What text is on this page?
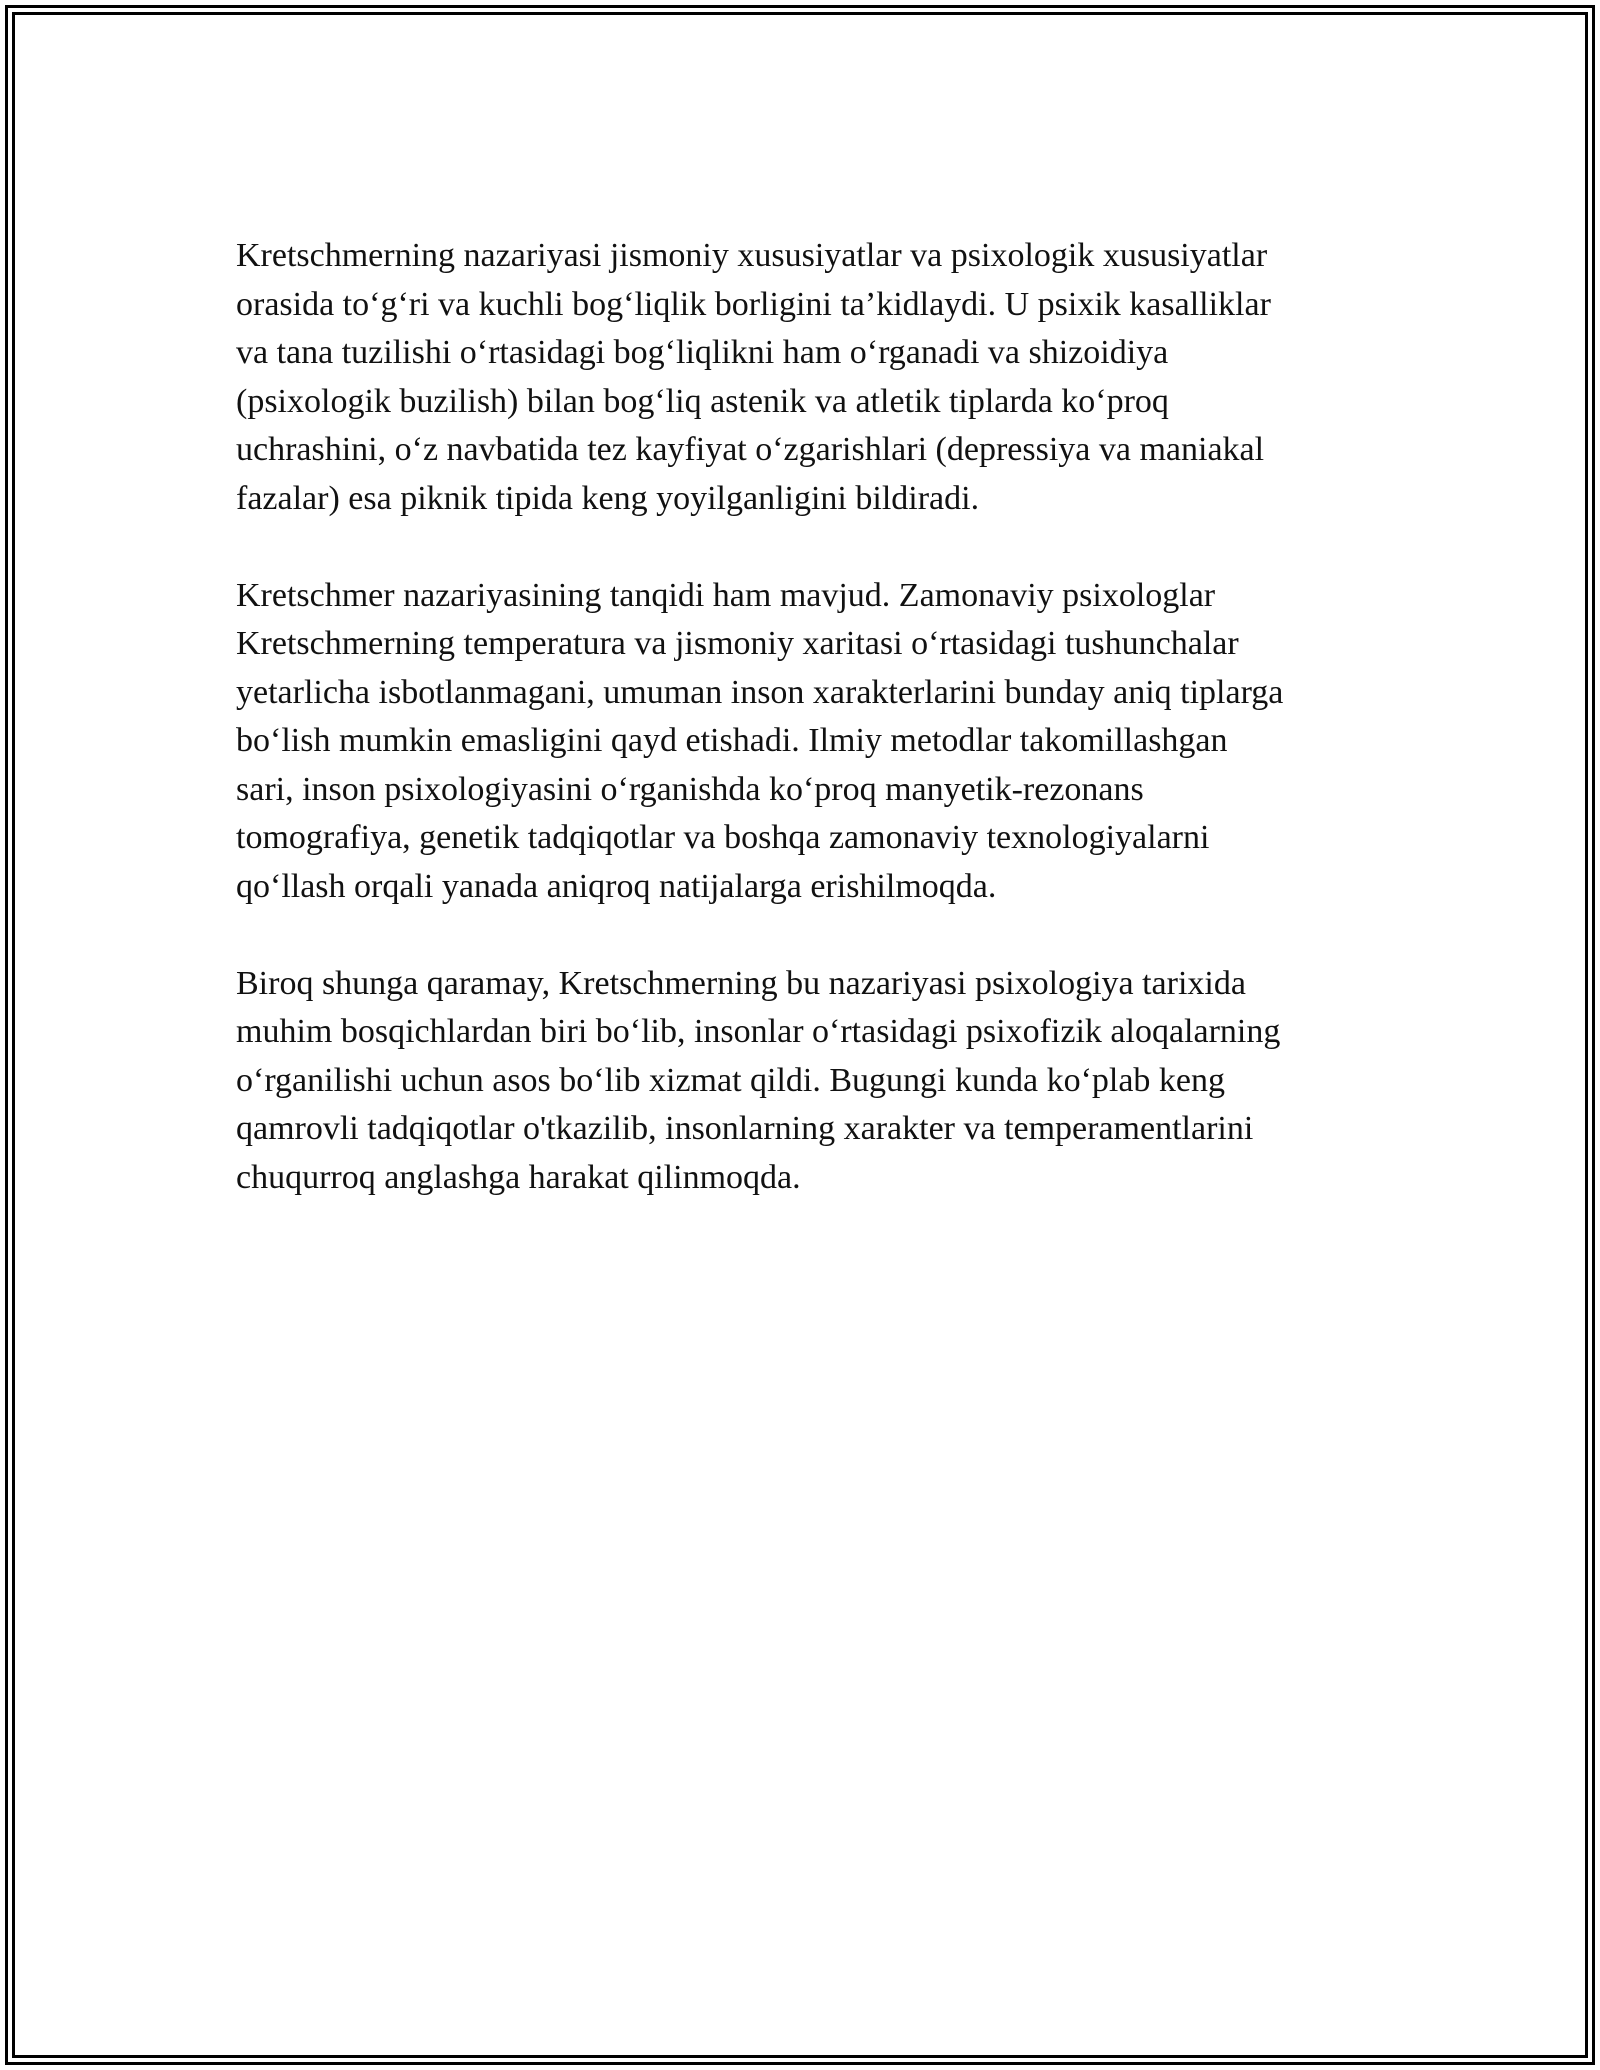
Kretschmerning nazariyasi jismoniy xususiyatlar va psixologik xususiyatlar
orasida to‘g‘ri va kuchli bog‘liqlik borligini ta’kidlaydi. U psixik kasalliklar
va tana tuzilishi o‘rtasidagi bog‘liqlikni ham o‘rganadi va shizoidiya
(psixologik buzilish) bilan bog‘liq astenik va atletik tiplarda ko‘proq
uchrashini, o‘z navbatida tez kayfiyat o‘zgarishlari (depressiya va maniakal
fazalar) esa piknik tipida keng yoyilganligini bildiradi.
Kretschmer nazariyasining tanqidi ham mavjud. Zamonaviy psixologlar
Kretschmerning temperatura va jismoniy xaritasi o‘rtasidagi tushunchalar
yetarlicha isbotlanmagani, umuman inson xarakterlarini bunday aniq tiplarga
bo‘lish mumkin emasligini qayd etishadi. Ilmiy metodlar takomillashgan
sari, inson psixologiyasini o‘rganishda ko‘proq manyetik-rezonans
tomografiya, genetik tadqiqotlar va boshqa zamonaviy texnologiyalarni
qo‘llash orqali yanada aniqroq natijalarga erishilmoqda.
Biroq shunga qaramay, Kretschmerning bu nazariyasi psixologiya tarixida
muhim bosqichlardan biri bo‘lib, insonlar o‘rtasidagi psixofizik aloqalarning
o‘rganilishi uchun asos bo‘lib xizmat qildi. Bugungi kunda ko‘plab keng
qamrovli tadqiqotlar o'tkazilib, insonlarning xarakter va temperamentlarini
chuqurroq anglashga harakat qilinmoqda.
